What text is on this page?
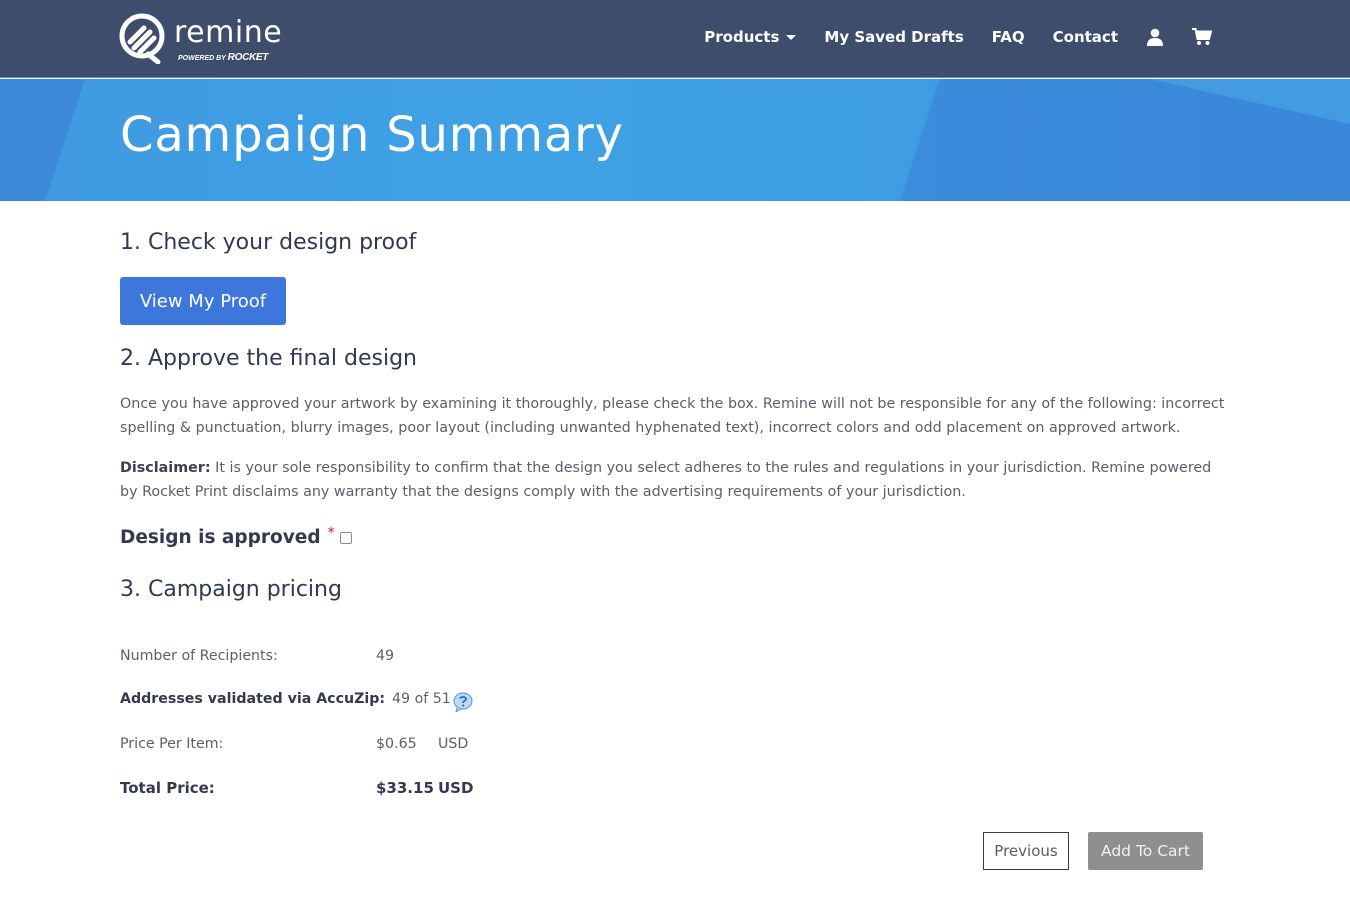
remine
POWERED BY ROCKET
Products	My Saved Drafts FAQ Contact
Campaign Summary
1. Check your design proof
View My Proof
2. Approve the final design

Once you have approved your artwork by examining it thoroughly, please check the box. Remine will not be responsible for any of the following: incorrect spelling & punctuation, blurry images, poor layout (including unwanted hyphenated text), incorrect colors and odd placement on approved artwork.

Disclaimer: It is your sole responsibility to confirm that the design you select adheres to the rules and regulations in your jurisdiction. Remine powered by Rocket Print disclaims any warranty that the designs comply with the advertising requirements of your jurisdiction.

Design is approved *
3. Campaign pricing
Number of Recipients:	49
Addresses validated via AccuZip: 49 of 51
Price Per Item:	$0.65 USD
Total Price:	$33.15 USD
Previous	Add To Cart
